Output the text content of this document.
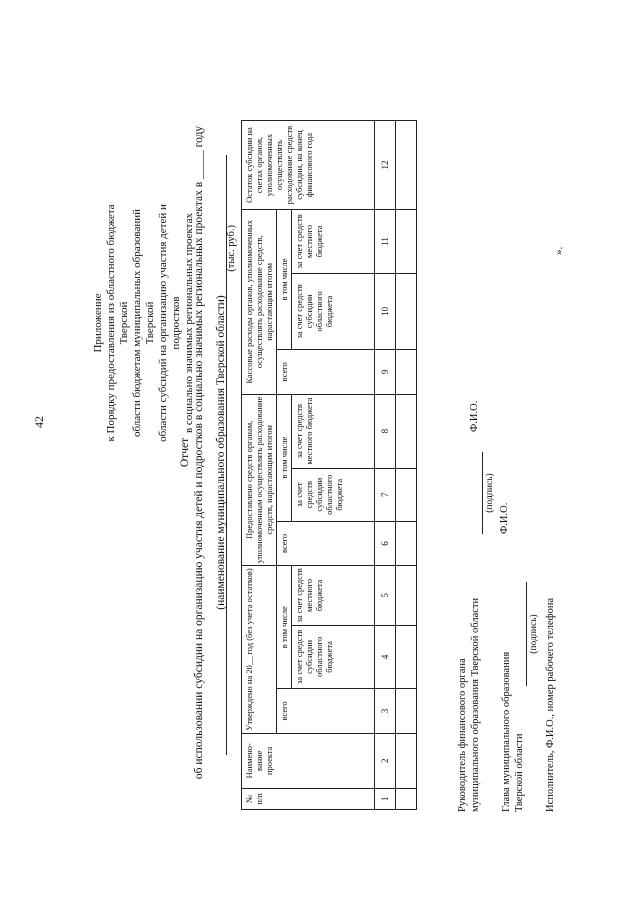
42
Приложение к Порядку предоставления из областного бюджета Тверской области бюджетам муниципальных образований Тверской области субсидий на организацию участия детей и подростков в социально значимых региональных проектах
Отчет об использовании субсидии на организацию участия детей и подростков в социально значимых региональных проектах в _____ году (наименование муниципального образования Тверской области)
(тыс. руб.)
№ п/п	Наимено-вание проекта	Утверждено на 20__ год (без учета остатков)			Предоставлено средств органам, уполномоченным осуществлять расходование средств, нарастающим итогом			Кассовые расходы органов, уполномоченных осуществлять расходование средств, нарастающим итогом			Остаток субсидии на счетах органов, уполномоченных осуществлять расходование средств субсидии, на конец финансового года
		всего	в том числе		всего	в том числе		всего	в том числе		
			за счет средств субсидии областного бюджета	за счет средств местного бюджета		за счет средств субсидии областного бюджета	за счет средств местного бюджета		за счет средств субсидии областного бюджета	за счет средств местного бюджета	
1	2	3	4	5	6	7	8	9	10	11	12

Руководитель финансового органа муниципального образования Тверской области
(подпись)
Ф.И.О.
Глава муниципального образования Тверской области
(подпись)
Ф.И.О.
Исполнитель, Ф.И.О., номер рабочего телефона
».
